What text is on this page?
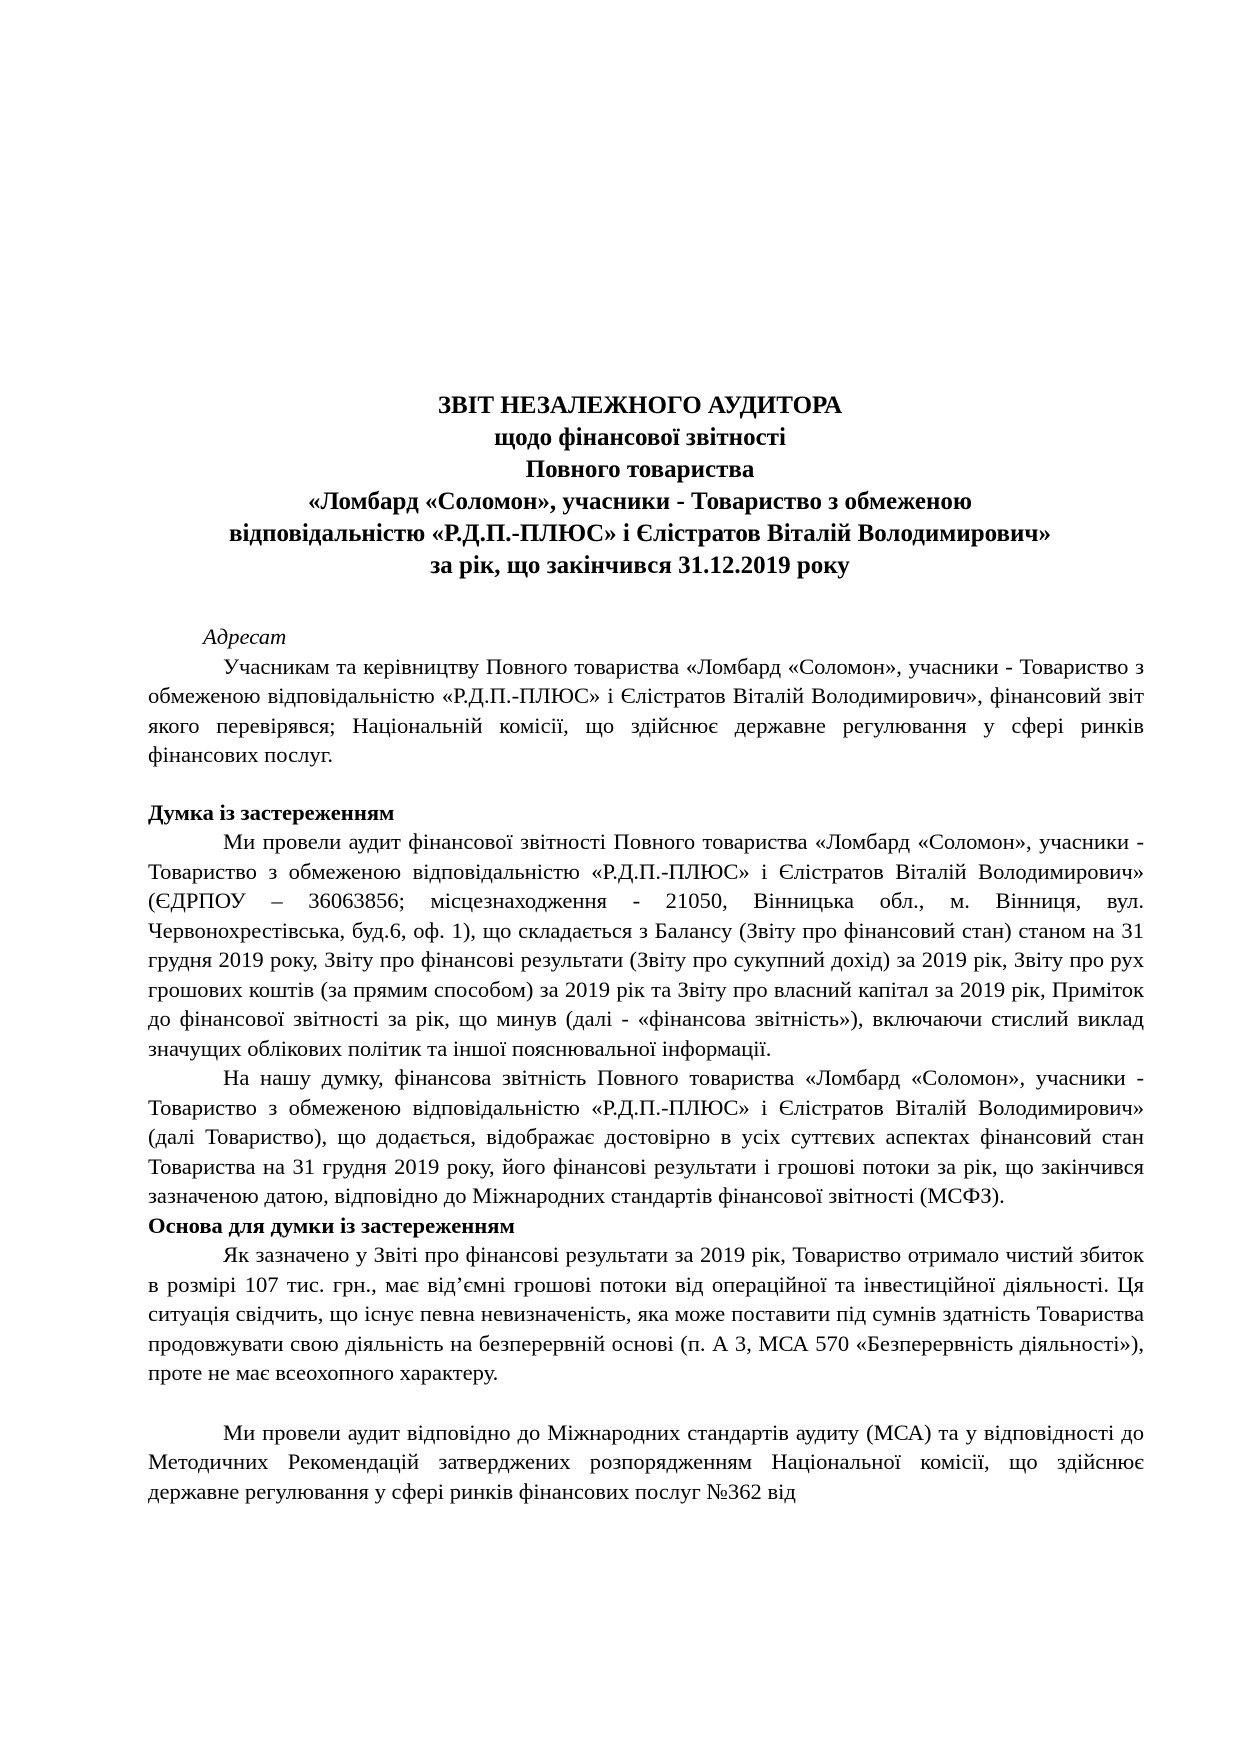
ЗВІТ НЕЗАЛЕЖНОГО АУДИТОРА
щодо фінансової звітності
Повного товариства
«Ломбард «Соломон», учасники - Товариство з обмеженою
відповідальністю «Р.Д.П.-ПЛЮС» і Єлістратов Віталій Володимирович»
за рік, що закінчився 31.12.2019 року

Адресат

Учасникам та керівництву Повного товариства «Ломбард «Соломон», учасники - Товариство з обмеженою відповідальністю «Р.Д.П.-ПЛЮС» і Єлістратов Віталій Володимирович», фінансовий звіт якого перевірявся; Національній комісії, що здійснює державне регулювання у сфері ринків фінансових послуг.

Думка із застереженням

Ми провели аудит фінансової звітності Повного товариства «Ломбард «Соломон», учасники - Товариство з обмеженою відповідальністю «Р.Д.П.-ПЛЮС» і Єлістратов Віталій Володимирович» (ЄДРПОУ – 36063856; місцезнаходження - 21050, Вінницька обл., м. Вінниця, вул. Червонохрестівська, буд.6, оф. 1), що складається з Балансу (Звіту про фінансовий стан) станом на 31 грудня 2019 року, Звіту про фінансові результати (Звіту про сукупний дохід) за 2019 рік, Звіту про рух грошових коштів (за прямим способом) за 2019 рік та Звіту про власний капітал за 2019 рік, Приміток до фінансової звітності за рік, що минув (далі - «фінансова звітність»), включаючи стислий виклад значущих облікових політик та іншої пояснювальної інформації.

На нашу думку, фінансова звітність Повного товариства «Ломбард «Соломон», учасники - Товариство з обмеженою відповідальністю «Р.Д.П.-ПЛЮС» і Єлістратов Віталій Володимирович» (далі Товариство), що додається, відображає достовірно в усіх суттєвих аспектах фінансовий стан Товариства на 31 грудня 2019 року, його фінансові результати і грошові потоки за рік, що закінчився зазначеною датою, відповідно до Міжнародних стандартів фінансової звітності (МСФЗ).

Основа для думки із застереженням

Як зазначено у Звіті про фінансові результати за 2019 рік, Товариство отримало чистий збиток в розмірі 107 тис. грн., має від’ємні грошові потоки від операційної та інвестиційної діяльності. Ця ситуація свідчить, що існує певна невизначеність, яка може поставити під сумнів здатність Товариства продовжувати свою діяльність на безперервній основі (п. А 3, МСА 570 «Безперервність діяльності»), проте не має всеохопного характеру.

Ми провели аудит відповідно до Міжнародних стандартів аудиту (МСА) та у відповідності до Методичних Рекомендацій затверджених розпорядженням Національної комісії, що здійснює державне регулювання у сфері ринків фінансових послуг №362 від
